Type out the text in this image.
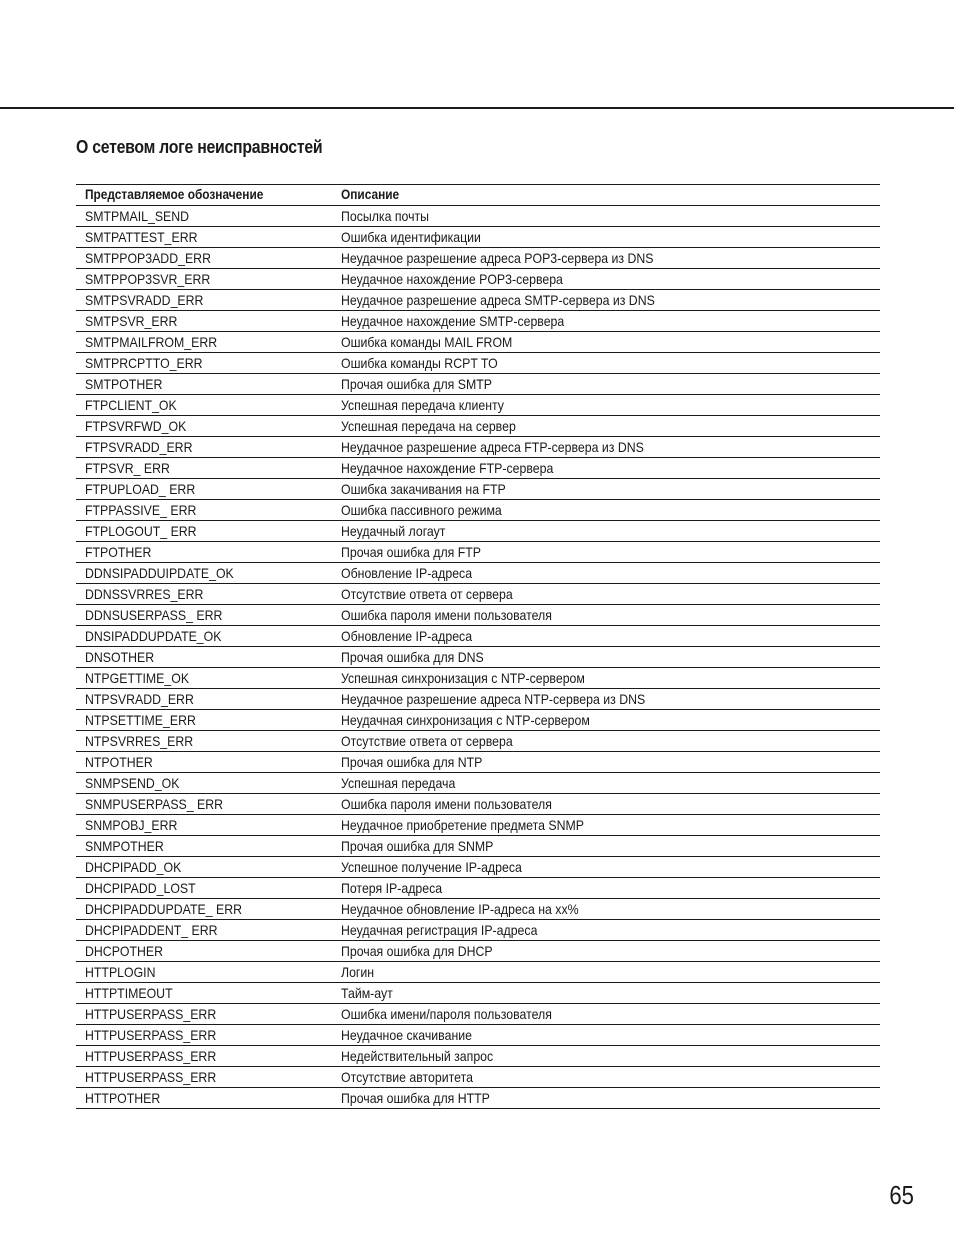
О сетевом логе неисправностей
Представляемое обозначение	Описание
SMTPMAIL_SEND	Посылка почты
SMTPATTEST_ERR	Ошибка идентификации
SMTPPOP3ADD_ERR	Неудачное разрешение адреса POP3-сервера из DNS
SMTPPOP3SVR_ERR	Неудачное нахождение POP3-сервера
SMTPSVRADD_ERR	Неудачное разрешение адреса SMTP-сервера из DNS
SMTPSVR_ERR	Неудачное нахождение SMTP-сервера
SMTPMAILFROM_ERR	Ошибка команды MAIL FROM
SMTPRCPTTO_ERR	Ошибка команды RCPT TO
SMTPOTHER	Прочая ошибка для SMTP
FTPCLIENT_OK	Успешная передача клиенту
FTPSVRFWD_OK	Успешная передача на сервер
FTPSVRADD_ERR	Неудачное разрешение адреса FTP-сервера из DNS
FTPSVR_ ERR	Неудачное нахождение FTP-сервера
FTPUPLOAD_ ERR	Ошибка закачивания на FTP
FTPPASSIVE_ ERR	Ошибка пассивного режима
FTPLOGOUT_ ERR	Неудачный логаут
FTPOTHER	Прочая ошибка для FTP
DDNSIPADDUIPDATE_OK	Обновление IP-адреса
DDNSSVRRES_ERR	Отсутствие ответа от сервера
DDNSUSERPASS_ ERR	Ошибка пароля имени пользователя
DNSIPADDUPDATE_OK	Обновление IP-адреса
DNSOTHER	Прочая ошибка для DNS
NTPGETTIME_OK	Успешная синхронизация с NTP-сервером
NTPSVRADD_ERR	Неудачное разрешение адреса NTP-сервера из DNS
NTPSETTIME_ERR	Неудачная синхронизация с NTP-сервером
NTPSVRRES_ERR	Отсутствие ответа от сервера
NTPOTHER	Прочая ошибка для NTP
SNMPSEND_OK	Успешная передача
SNMPUSERPASS_ ERR	Ошибка пароля имени пользователя
SNMPOBJ_ERR	Неудачное приобретение предмета SNMP
SNMPOTHER	Прочая ошибка для SNMP
DHCPIPADD_OK	Успешное получение IP-адреса
DHCPIPADD_LOST	Потеря IP-адреса
DHCPIPADDUPDATE_ ERR	Неудачное обновление IP-адреса на xx%
DHCPIPADDENT_ ERR	Неудачная регистрация IP-адреса
DHCPOTHER	Прочая ошибка для DHCP
HTTPLOGIN	Логин
HTTPTIMEOUT	Тайм-аут
HTTPUSERPASS_ERR	Ошибка имени/пароля пользователя
HTTPUSERPASS_ERR	Неудачное скачивание
HTTPUSERPASS_ERR	Недействительный запрос
HTTPUSERPASS_ERR	Отсутствие авторитета
HTTPOTHER	Прочая ошибка для HTTP
65
